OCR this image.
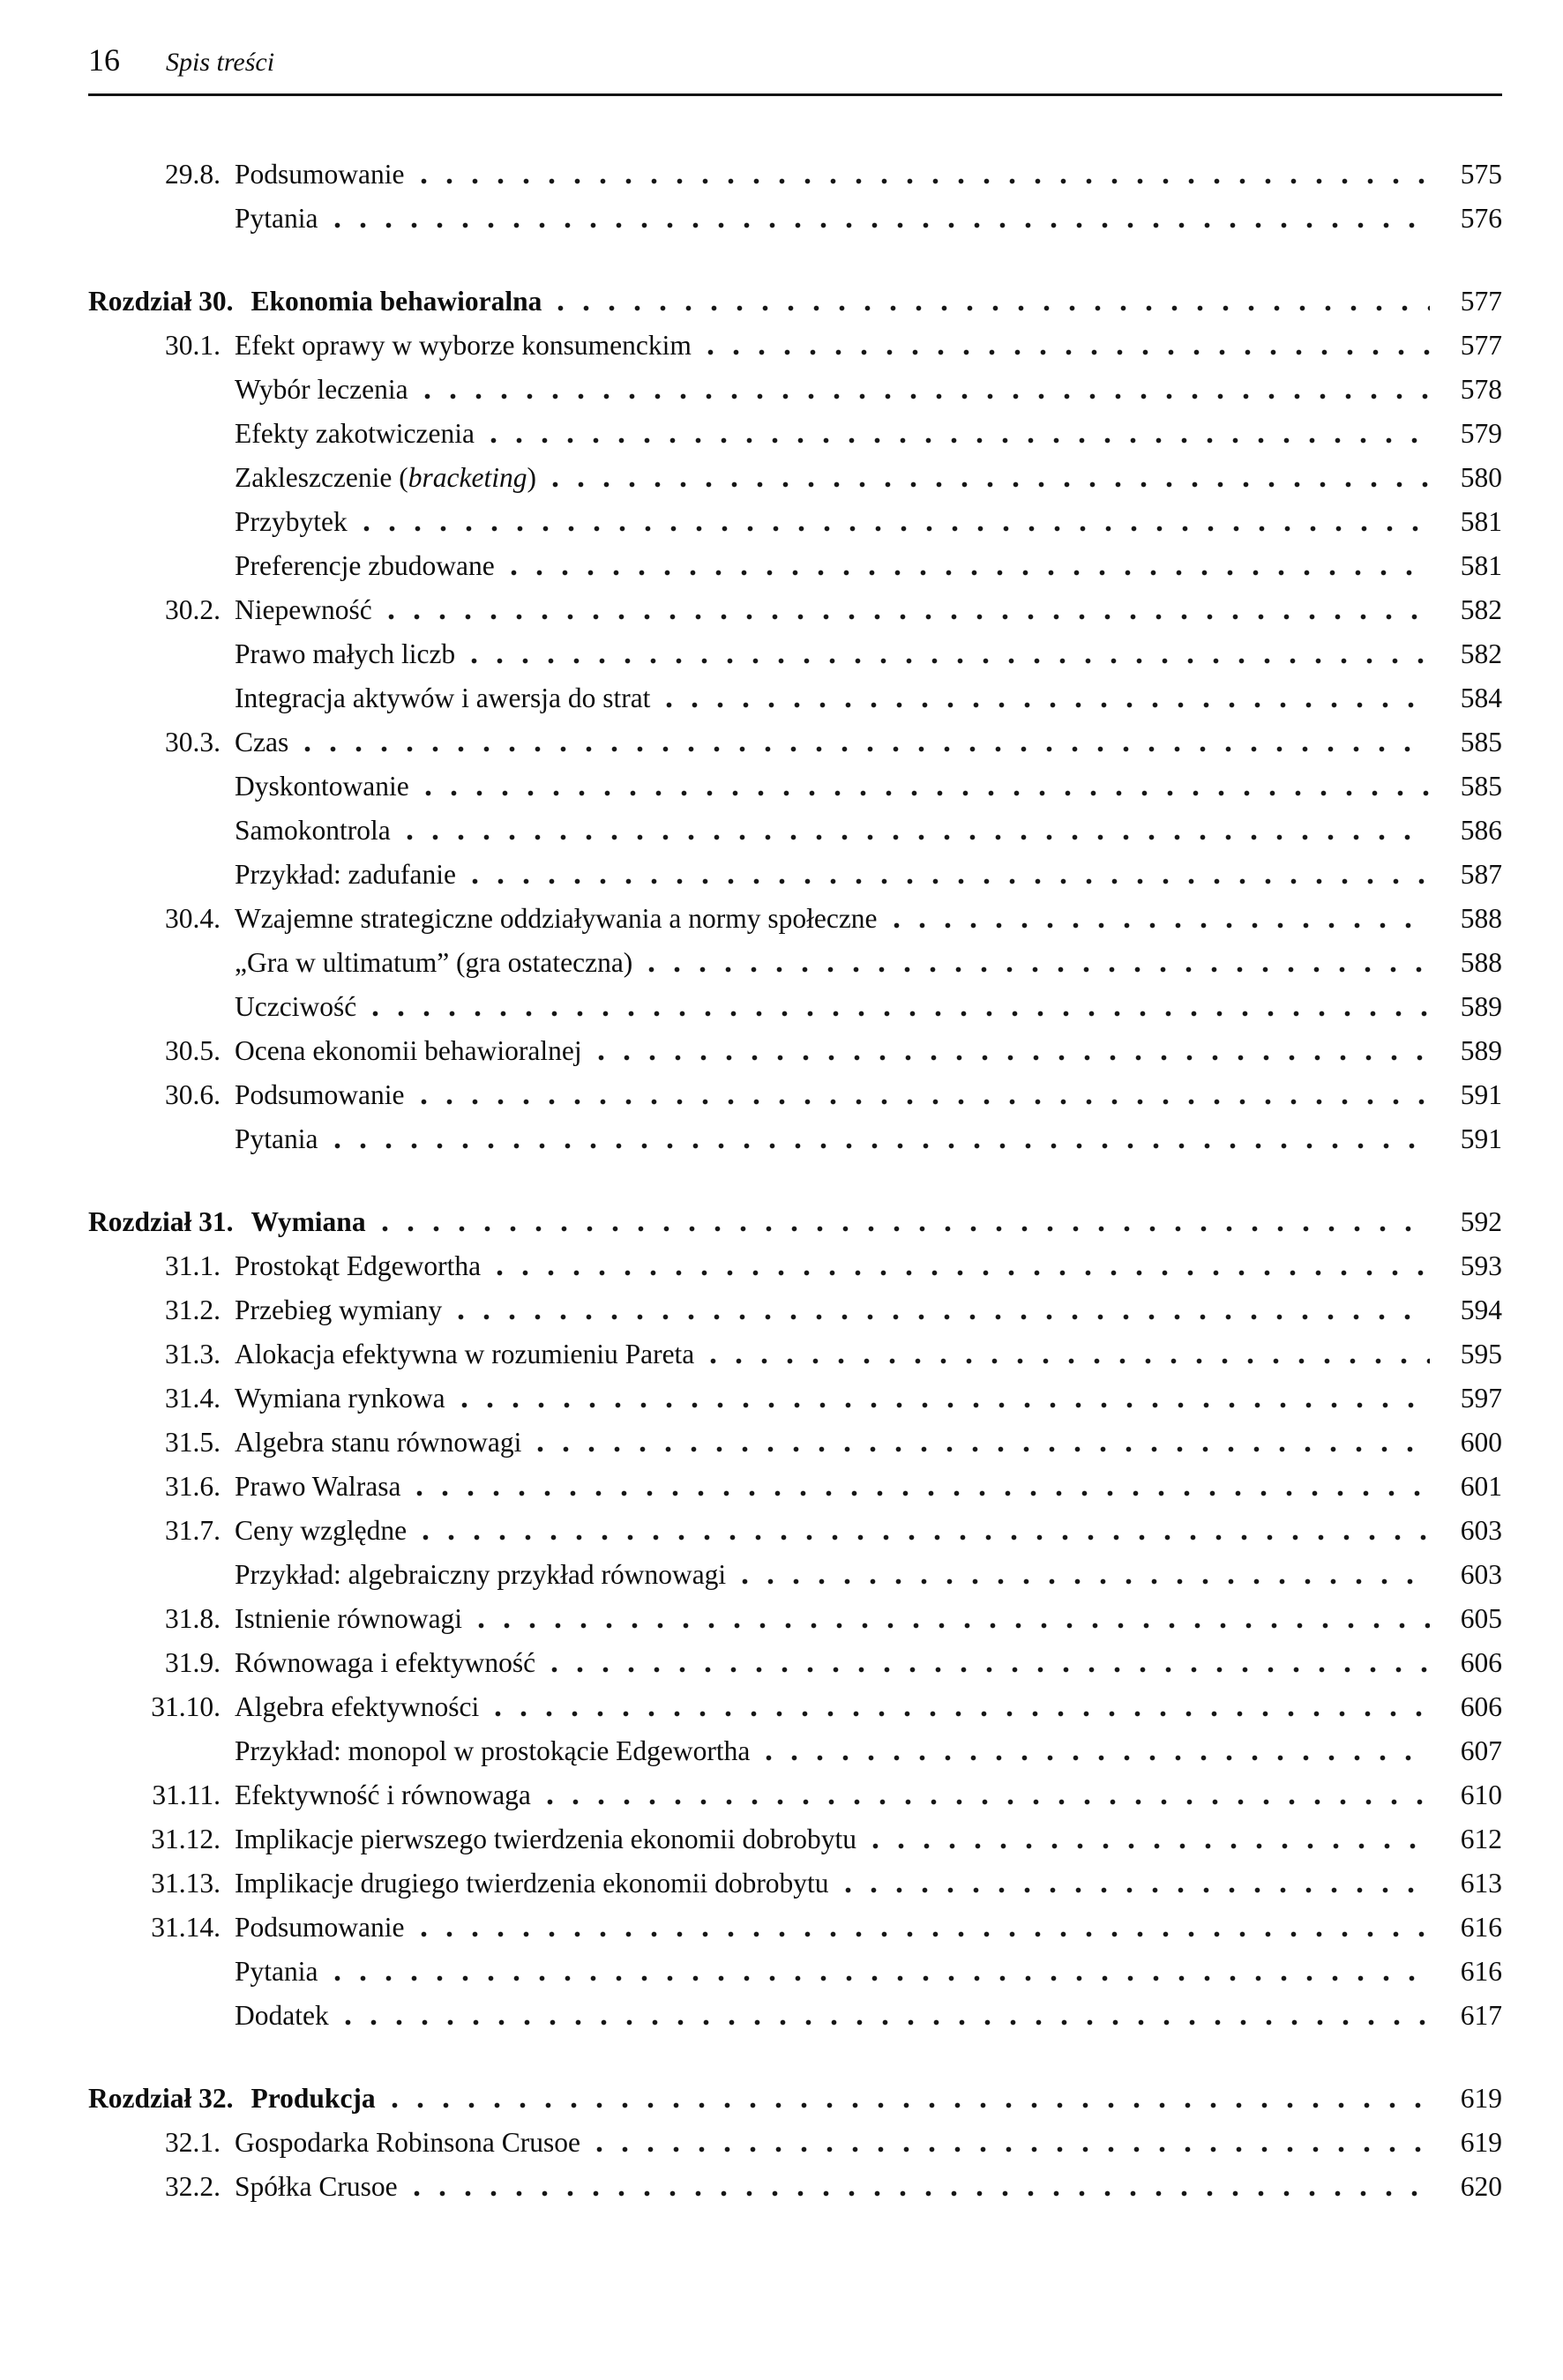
16 Spis treści
29.8. Podsumowanie	575
Pytania	576
Rozdział 30. Ekonomia behawioralna	577
30.1. Efekt oprawy w wyborze konsumenckim	577
Wybór leczenia	578
Efekty zakotwiczenia	579
Zakleszczenie (bracketing)	580
Przybytek	581
Preferencje zbudowane	581
30.2. Niepewność	582
Prawo małych liczb	582
Integracja aktywów i awersja do strat	584
30.3. Czas	585
Dyskontowanie	585
Samokontrola	586
Przykład: zadufanie	587
30.4. Wzajemne strategiczne oddziaływania a normy społeczne	588
„Gra w ultimatum” (gra ostateczna)	588
Uczciwość	589
30.5. Ocena ekonomii behawioralnej	589
30.6. Podsumowanie	591
Pytania	591
Rozdział 31. Wymiana	592
31.1. Prostokąt Edgewortha	593
31.2. Przebieg wymiany	594
31.3. Alokacja efektywna w rozumieniu Pareta	595
31.4. Wymiana rynkowa	597
31.5. Algebra stanu równowagi	600
31.6. Prawo Walrasa	601
31.7. Ceny względne	603
Przykład: algebraiczny przykład równowagi	603
31.8. Istnienie równowagi	605
31.9. Równowaga i efektywność	606
31.10. Algebra efektywności	606
Przykład: monopol w prostokącie Edgewortha	607
31.11. Efektywność i równowaga	610
31.12. Implikacje pierwszego twierdzenia ekonomii dobrobytu	612
31.13. Implikacje drugiego twierdzenia ekonomii dobrobytu	613
31.14. Podsumowanie	616
Pytania	616
Dodatek	617
Rozdział 32. Produkcja	619
32.1. Gospodarka Robinsona Crusoe	619
32.2. Spółka Crusoe	620
